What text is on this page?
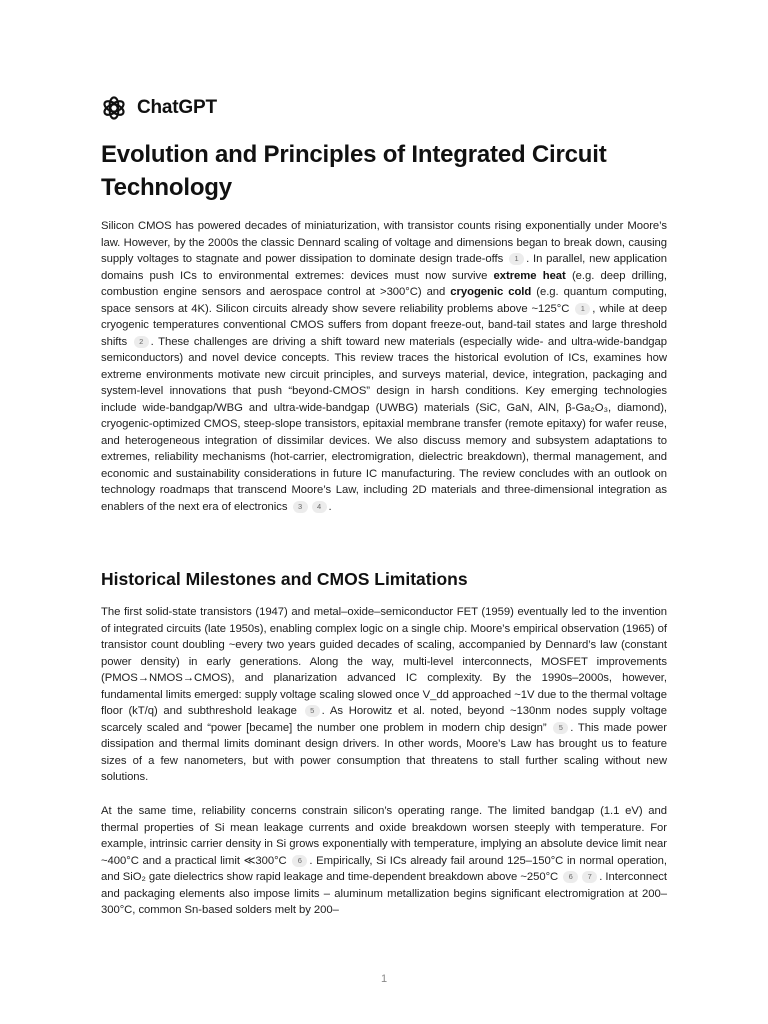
ChatGPT
Evolution and Principles of Integrated Circuit Technology

Silicon CMOS has powered decades of miniaturization, with transistor counts rising exponentially under Moore’s law. However, by the 2000s the classic Dennard scaling of voltage and dimensions began to break down, causing supply voltages to stagnate and power dissipation to dominate design trade-offs 1 . In parallel, new application domains push ICs to environmental extremes: devices must now survive extreme heat (e.g. deep drilling, combustion engine sensors and aerospace control at >300°C) and cryogenic cold (e.g. quantum computing, space sensors at 4K). Silicon circuits already show severe reliability problems above ~125°C 1 , while at deep cryogenic temperatures conventional CMOS suffers from dopant freeze‑out, band‑tail states and large threshold shifts 2 . These challenges are driving a shift toward new materials (especially wide- and ultra-wide-bandgap semiconductors) and novel device concepts. This review traces the historical evolution of ICs, examines how extreme environments motivate new circuit principles, and surveys material, device, integration, packaging and system-level innovations that push “beyond-CMOS” design in harsh conditions. Key emerging technologies include wide-bandgap/WBG and ultra-wide-bandgap (UWBG) materials (SiC, GaN, AlN, β-Ga₂O₃, diamond), cryogenic-optimized CMOS, steep-slope transistors, epitaxial membrane transfer (remote epitaxy) for wafer reuse, and heterogeneous integration of dissimilar devices. We also discuss memory and subsystem adaptations to extremes, reliability mechanisms (hot-carrier, electromigration, dielectric breakdown), thermal management, and economic and sustainability considerations in future IC manufacturing. The review concludes with an outlook on technology roadmaps that transcend Moore’s Law, including 2D materials and three-dimensional integration as enablers of the next era of electronics 3 4 .

Historical Milestones and CMOS Limitations

The first solid-state transistors (1947) and metal–oxide–semiconductor FET (1959) eventually led to the invention of integrated circuits (late 1950s), enabling complex logic on a single chip. Moore’s empirical observation (1965) of transistor count doubling ~every two years guided decades of scaling, accompanied by Dennard’s law (constant power density) in early generations. Along the way, multi-level interconnects, MOSFET improvements (PMOS→NMOS→CMOS), and planarization advanced IC complexity. By the 1990s–2000s, however, fundamental limits emerged: supply voltage scaling slowed once V_dd approached ~1V due to the thermal voltage floor (kT/q) and subthreshold leakage 5 . As Horowitz et al. noted, beyond ~130nm nodes supply voltage scarcely scaled and “power [became] the number one problem in modern chip design” 5 . This made power dissipation and thermal limits dominant design drivers. In other words, Moore’s Law has brought us to feature sizes of a few nanometers, but with power consumption that threatens to stall further scaling without new solutions.

At the same time, reliability concerns constrain silicon’s operating range. The limited bandgap (1.1 eV) and thermal properties of Si mean leakage currents and oxide breakdown worsen steeply with temperature. For example, intrinsic carrier density in Si grows exponentially with temperature, implying an absolute device limit near ~400°C and a practical limit ≪300°C 6 . Empirically, Si ICs already fail around 125–150°C in normal operation, and SiO₂ gate dielectrics show rapid leakage and time-dependent breakdown above ~250°C 6 7 . Interconnect and packaging elements also impose limits – aluminum metallization begins significant electromigration at 200–300°C, common Sn-based solders melt by 200–

1
